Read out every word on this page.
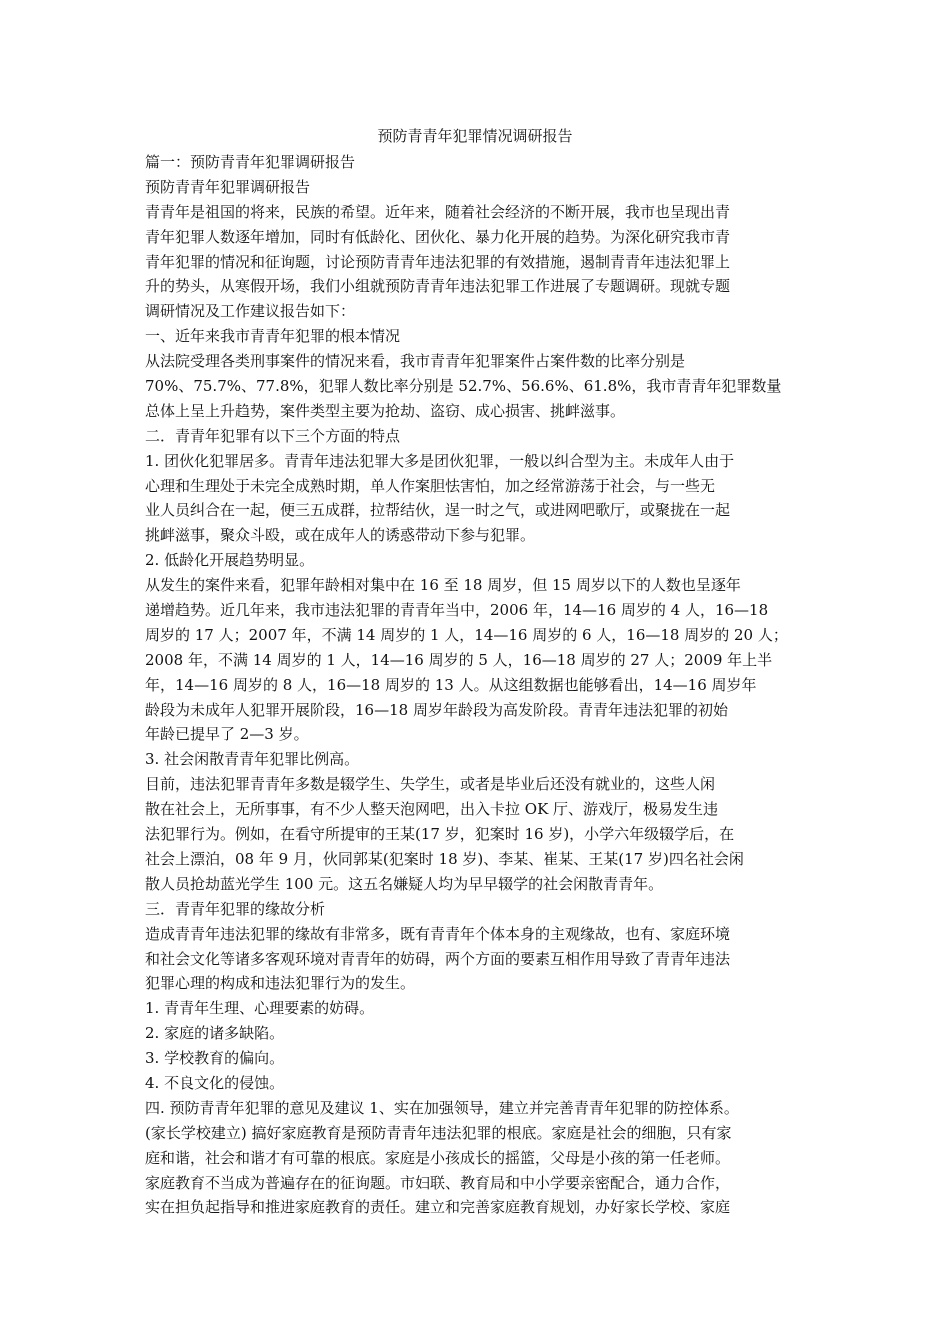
预防青青年犯罪情况调研报告
篇一：预防青青年犯罪调研报告
预防青青年犯罪调研报告
青青年是祖国的将来，民族的希望。近年来，随着社会经济的不断开展，我市也呈现出青
青年犯罪人数逐年增加，同时有低龄化、团伙化、暴力化开展的趋势。为深化研究我市青
青年犯罪的情况和征询题，讨论预防青青年违法犯罪的有效措施，遏制青青年违法犯罪上
升的势头，从寒假开场，我们小组就预防青青年违法犯罪工作进展了专题调研。现就专题
调研情况及工作建议报告如下：
一、近年来我市青青年犯罪的根本情况
从法院受理各类刑事案件的情况来看，我市青青年犯罪案件占案件数的比率分别是
70%、75.7%、77.8%，犯罪人数比率分别是 52.7%、56.6%、61.8%，我市青青年犯罪数量
总体上呈上升趋势，案件类型主要为抢劫、盗窃、成心损害、挑衅滋事。
二．青青年犯罪有以下三个方面的特点
1. 团伙化犯罪居多。青青年违法犯罪大多是团伙犯罪，一般以纠合型为主。未成年人由于
心理和生理处于未完全成熟时期，单人作案胆怯害怕，加之经常游荡于社会，与一些无
业人员纠合在一起，便三五成群，拉帮结伙，逞一时之气，或进网吧歌厅，或聚拢在一起
挑衅滋事，聚众斗殴，或在成年人的诱惑带动下参与犯罪。
2. 低龄化开展趋势明显。
从发生的案件来看，犯罪年龄相对集中在 16 至 18 周岁，但 15 周岁以下的人数也呈逐年
递增趋势。近几年来，我市违法犯罪的青青年当中，2006 年，14—16 周岁的 4 人，16—18
周岁的 17 人；2007 年，不满 14 周岁的 1 人，14—16 周岁的 6 人，16—18 周岁的 20 人；
2008 年，不满 14 周岁的 1 人，14—16 周岁的 5 人，16—18 周岁的 27 人；2009 年上半
年，14—16 周岁的 8 人，16—18 周岁的 13 人。从这组数据也能够看出，14—16 周岁年
龄段为未成年人犯罪开展阶段，16—18 周岁年龄段为高发阶段。青青年违法犯罪的初始
年龄已提早了 2—3 岁。
3. 社会闲散青青年犯罪比例高。
目前，违法犯罪青青年多数是辍学生、失学生，或者是毕业后还没有就业的，这些人闲
散在社会上，无所事事，有不少人整天泡网吧，出入卡拉 OK 厅、游戏厅，极易发生违
法犯罪行为。例如，在看守所提审的王某(17 岁，犯案时 16 岁)，小学六年级辍学后，在
社会上漂泊，08 年 9 月，伙同郭某(犯案时 18 岁)、李某、崔某、王某(17 岁)四名社会闲
散人员抢劫蓝光学生 100 元。这五名嫌疑人均为早早辍学的社会闲散青青年。
三．青青年犯罪的缘故分析
造成青青年违法犯罪的缘故有非常多，既有青青年个体本身的主观缘故，也有、家庭环境
和社会文化等诸多客观环境对青青年的妨碍，两个方面的要素互相作用导致了青青年违法
犯罪心理的构成和违法犯罪行为的发生。
1. 青青年生理、心理要素的妨碍。
2. 家庭的诸多缺陷。
3. 学校教育的偏向。
4. 不良文化的侵蚀。
四. 预防青青年犯罪的意见及建议 1、实在加强领导，建立并完善青青年犯罪的防控体系。
(家长学校建立) 搞好家庭教育是预防青青年违法犯罪的根底。家庭是社会的细胞，只有家
庭和谐，社会和谐才有可靠的根底。家庭是小孩成长的摇篮，父母是小孩的第一任老师。
家庭教育不当成为普遍存在的征询题。市妇联、教育局和中小学要亲密配合，通力合作，
实在担负起指导和推进家庭教育的责任。建立和完善家庭教育规划，办好家长学校、家庭
